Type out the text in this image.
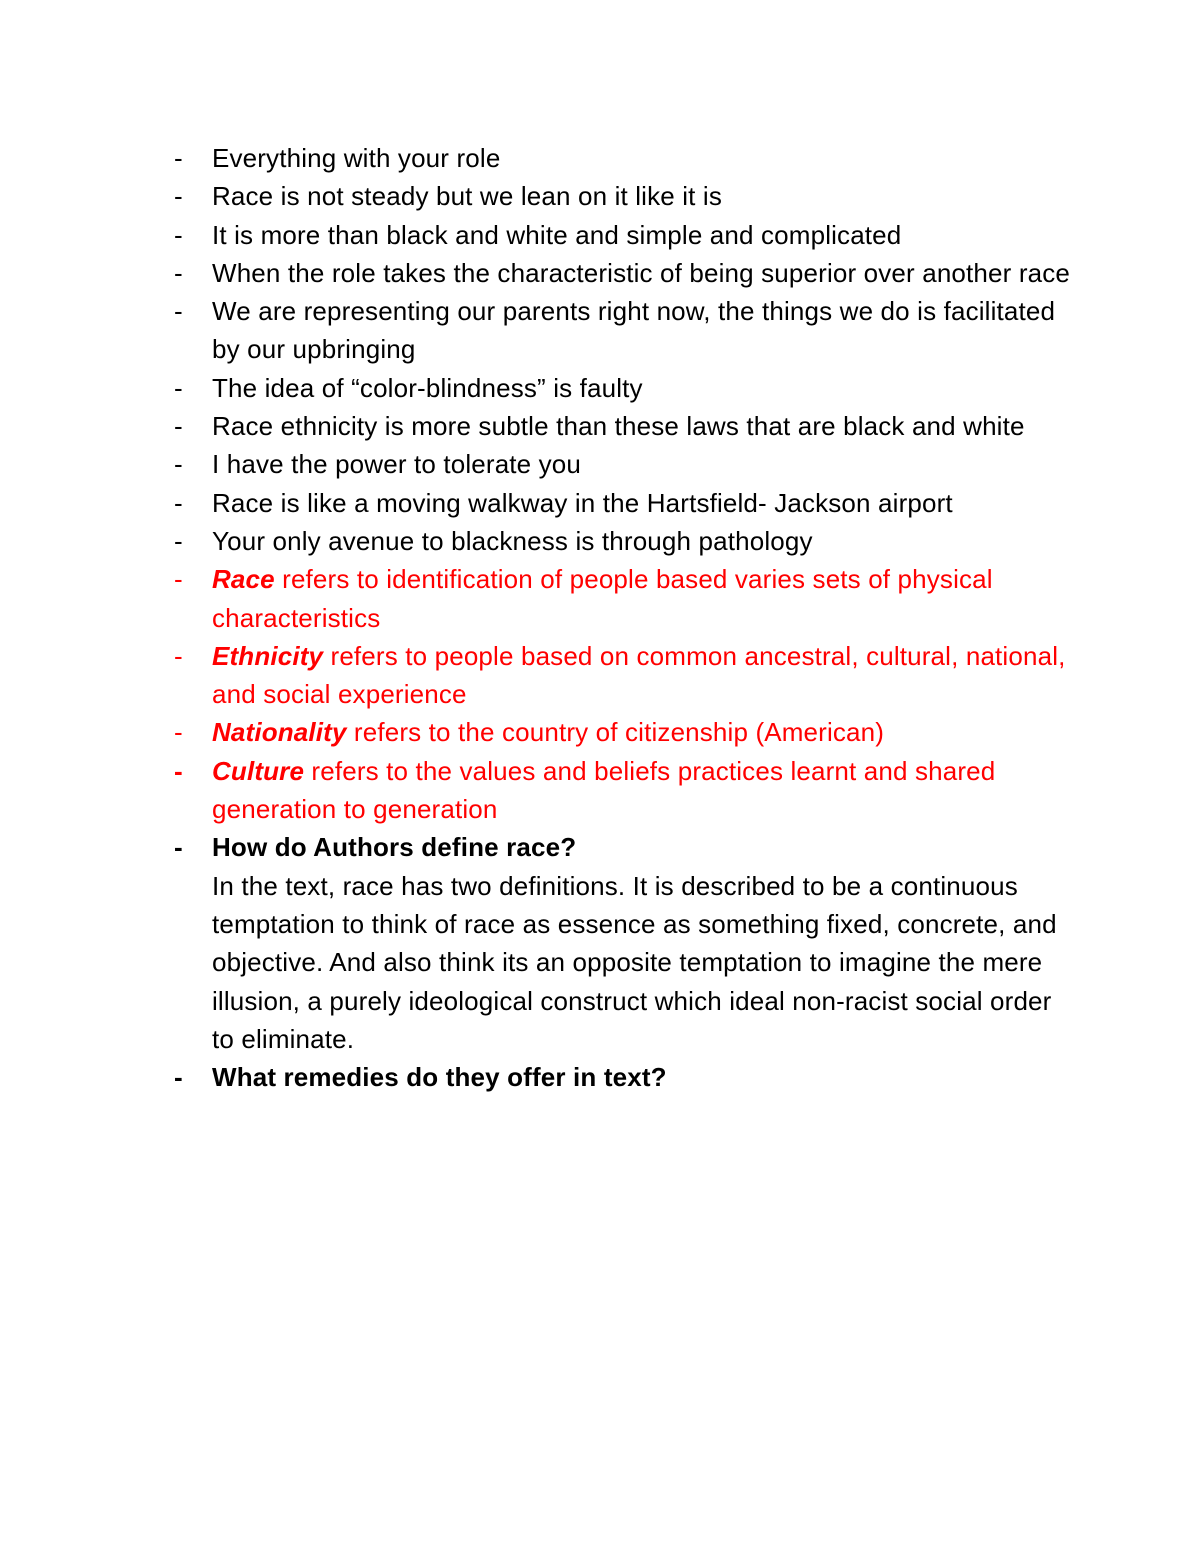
-	Everything with your role
-	Race is not steady but we lean on it like it is
-	It is more than black and white and simple and complicated
-	When the role takes the characteristic of being superior over another race
-	We are representing our parents right now, the things we do is facilitated by our upbringing
-	The idea of “color-blindness” is faulty
-	Race ethnicity is more subtle than these laws that are black and white
-	I have the power to tolerate you
-	Race is like a moving walkway in the Hartsfield- Jackson airport
-	Your only avenue to blackness is through pathology
-	Race refers to identification of people based varies sets of physical characteristics
-	Ethnicity refers to people based on common ancestral, cultural, national, and social experience
-	Nationality refers to the country of citizenship (American)
-	Culture refers to the values and beliefs practices learnt and shared generation to generation
-	How do Authors define race?
In the text, race has two definitions. It is described to be a continuous temptation to think of race as essence as something fixed, concrete, and objective. And also think its an opposite temptation to imagine the mere illusion, a purely ideological construct which ideal non-racist social order to eliminate.
-	What remedies do they offer in text?
